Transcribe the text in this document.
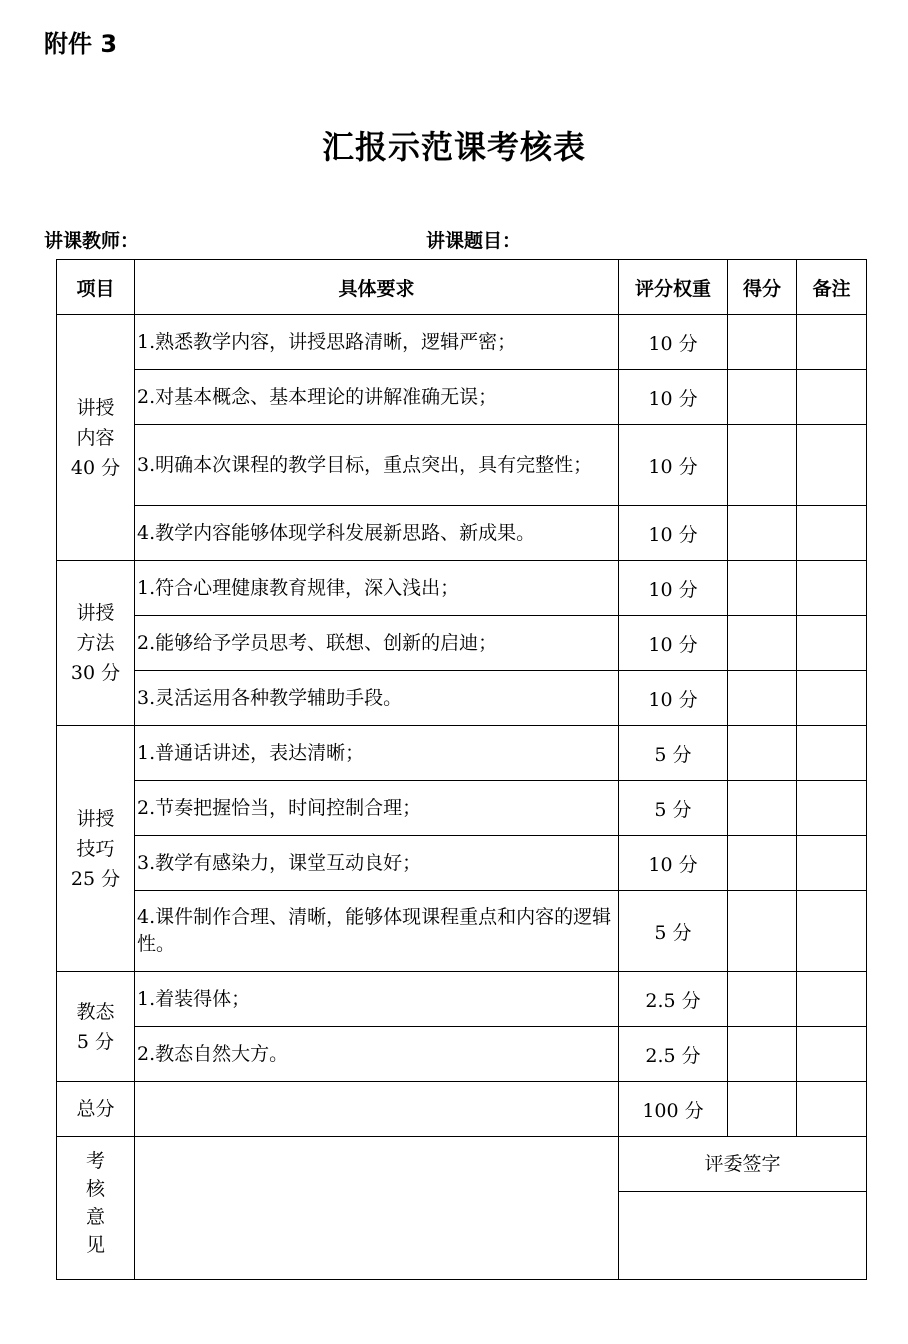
附件 3
汇报示范课考核表
讲课教师：	讲课题目：
项目	具体要求	评分权重	得分	备注

讲授
内容
40 分	1.熟悉教学内容，讲授思路清晰，逻辑严密；	10 分		
	2.对基本概念、基本理论的讲解准确无误；	10 分		
	3.明确本次课程的教学目标，重点突出，具有完整性；	10 分		
	4.教学内容能够体现学科发展新思路、新成果。	10 分		

讲授
方法
30 分	1.符合心理健康教育规律，深入浅出；	10 分		
	2.能够给予学员思考、联想、创新的启迪；	10 分		
	3.灵活运用各种教学辅助手段。	10 分		

讲授
技巧
25 分	1.普通话讲述，表达清晰；	5 分		
	2.节奏把握恰当，时间控制合理；	5 分		
	3.教学有感染力，课堂互动良好；	10 分		
	4.课件制作合理、清晰，能够体现课程重点和内容的逻辑性。	5 分		

教态
5 分	1.着装得体；	2.5 分		
	2.教态自然大方。	2.5 分		
总分		100 分		

考
核
意
见		评委签字		
